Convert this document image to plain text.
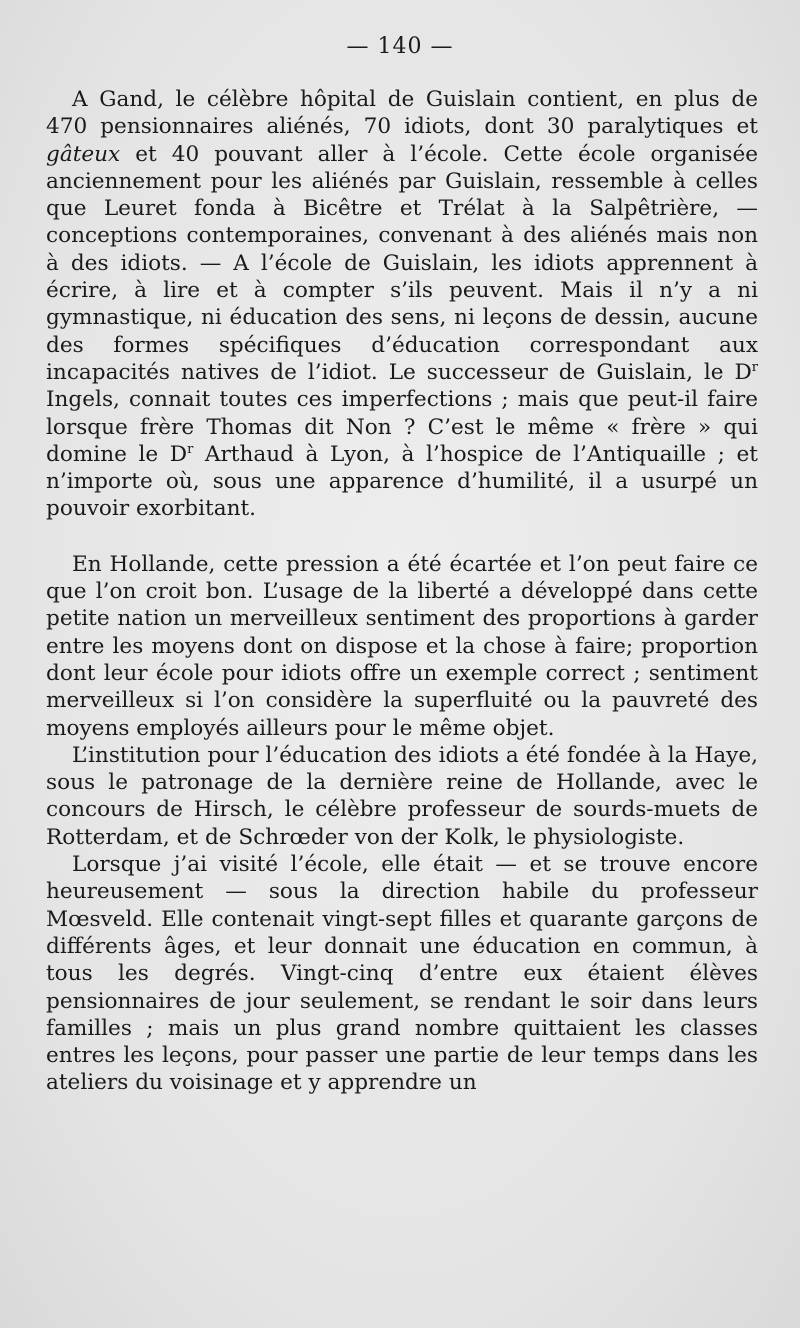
— 140 —

A Gand, le célèbre hôpital de Guislain contient, en plus de 470 pensionnaires aliénés, 70 idiots, dont 30 paralytiques et gâteux et 40 pouvant aller à l’école. Cette école organisée anciennement pour les aliénés par Guislain, ressemble à celles que Leuret fonda à Bicêtre et Trélat à la Salpêtrière, — conceptions contemporaines, convenant à des aliénés mais non à des idiots. — A l’école de Guislain, les idiots apprennent à écrire, à lire et à compter s’ils peuvent. Mais il n’y a ni gymnastique, ni éducation des sens, ni leçons de dessin, aucune des formes spécifiques d’éducation correspondant aux incapacités natives de l’idiot. Le successeur de Guislain, le $D^r$ Ingels, connait toutes ces imperfections ; mais que peut-il faire lorsque frère Thomas dit Non ? C’est le même « frère » qui domine le $D^r$ Arthaud à Lyon, à l’hospice de l’Antiquaille ; et n’importe où, sous une apparence d’humilité, il a usurpé un pouvoir exorbitant.

En Hollande, cette pression a été écartée et l’on peut faire ce que l’on croit bon. L’usage de la liberté a développé dans cette petite nation un merveilleux sentiment des proportions à garder entre les moyens dont on dispose et la chose à faire; proportion dont leur école pour idiots offre un exemple correct ; sentiment merveilleux si l’on considère la superfluité ou la pauvreté des moyens employés ailleurs pour le même objet.

L’institution pour l’éducation des idiots a été fondée à la Haye, sous le patronage de la dernière reine de Hollande, avec le concours de Hirsch, le célèbre professeur de sourds-muets de Rotterdam, et de Schrœder von der Kolk, le physiologiste.

Lorsque j’ai visité l’école, elle était — et se trouve encore heureusement — sous la direction habile du professeur Mœsveld. Elle contenait vingt-sept filles et quarante garçons de différents âges, et leur donnait une éducation en commun, à tous les degrés. Vingt-cinq d’entre eux étaient élèves pensionnaires de jour seulement, se rendant le soir dans leurs familles ; mais un plus grand nombre quittaient les classes entres les leçons, pour passer une partie de leur temps dans les ateliers du voisinage et y apprendre un
